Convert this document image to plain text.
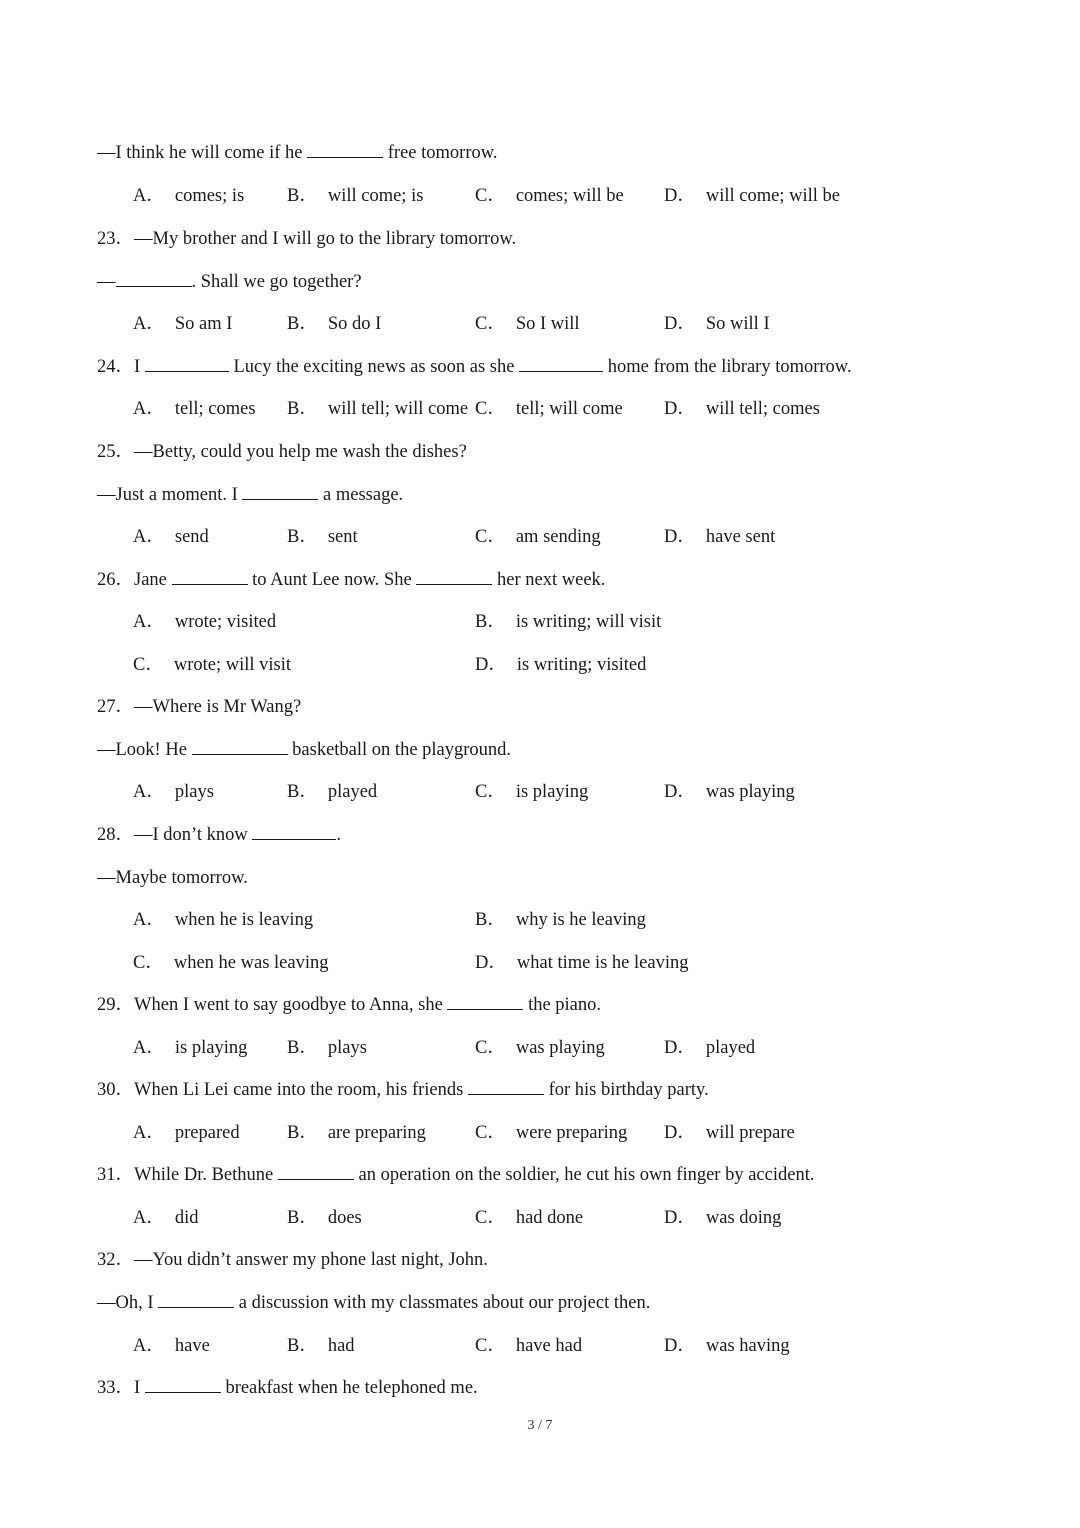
—I think he will come if he	free tomorrow.
A． comes; is B． will come; is	C． comes; will be D． will come; will be
23．—My brother and I will go to the library tomorrow.
—	. Shall we go together?
A． So am I	B． So do I	C． So I will	D． So will I
24．I	Lucy the exciting news as soon as she	home from the library tomorrow.
A． tell; comes B． will tell; will come C． tell; will come D． will tell; comes
25．—Betty, could you help me wash the dishes?
—Just a moment. I	a message.
A． send	B． sent	C． am sending	D． have sent
26．Jane	to Aunt Lee now. She	her next week.
A． wrote; visited	B． is writing; will visit
C． wrote; will visit	D． is writing; visited
27．—Where is Mr Wang?
—Look! He	basketball on the playground.
A． plays	B． played	C． is playing	D． was playing
28．—I don’t know	.
—Maybe tomorrow.
A． when he is leaving	B． why is he leaving
C． when he was leaving	D． what time is he leaving
29．When I went to say goodbye to Anna, she	the piano.
A． is playing B． plays	C． was playing	D． played
30．When Li Lei came into the room, his friends	for his birthday party.
A． prepared	B． are preparing	C． were preparing D． will prepare
31．While Dr. Bethune	an operation on the soldier, he cut his own finger by accident.
A． did	B． does	C． had done	D． was doing
32．—You didn’t answer my phone last night, John.
—Oh, I	a discussion with my classmates about our project then.
A． have	B． had	C． have had	D． was having
33．I	breakfast when he telephoned me.
3 / 7
